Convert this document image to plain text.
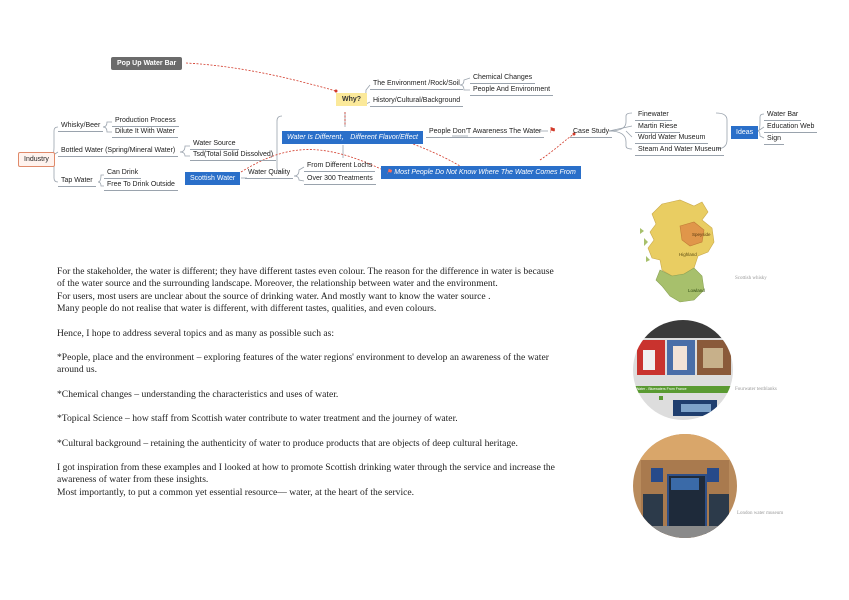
Pop Up Water Bar
Why?
Industry
The Environment /Rock/Soil
Chemical Changes
People And Environment
History/Cultural/Background
Whisky/Beer
Production Process
Dilute It With Water
Bottled Water (Spring/Mineral Water)
Water Source
Tsd(Total Solid Dissolved)
Tap Water
Can Drink
Free To Drink Outside
Scottish Water
Water Quality
From Different Lochs
Over 300 Treatments
Water Is Different， Different Flavor/Effect
⚑ Most People Do Not Know Where The Water Comes From
People Don'T Awareness The Water ⚑	Case Study
Finewater
Martin Riese
World Water Museum
Steam And Water Museum
Ideas
Water Bar
Education Web
Sign

For the stakeholder, the water is different; they have different tastes even colour. The reason for the difference in water is because of the water source and the surrounding landscape. Moreover, the relationship between water and the environment.

For users, most users are unclear about the source of drinking water. And mostly want to know the water source .

Many people do not realise that water is different, with different tastes, qualities, and even colours.

Hence, I hope to address several topics and as many as possible such as:

*People, place and the environment – exploring features of the water regions' environment to develop an awareness of the water around us.

*Chemical changes – understanding the characteristics and uses of water.

*Topical Science – how staff from Scottish water contribute to water treatment and the journey of water.

*Cultural background – retaining the authenticity of water to produce products that are objects of deep cultural heritage.

I got inspiration from these examples and I looked at how to promote Scottish drinking water through the service and increase the awareness of water from these insights.

Most importantly, to put a common yet essential resource— water, at the heart of the service.

Speyside
Highland
Lowland
Scottish whisky
Water - Bluewaters From France	Fourwater testblanks
London water museum
